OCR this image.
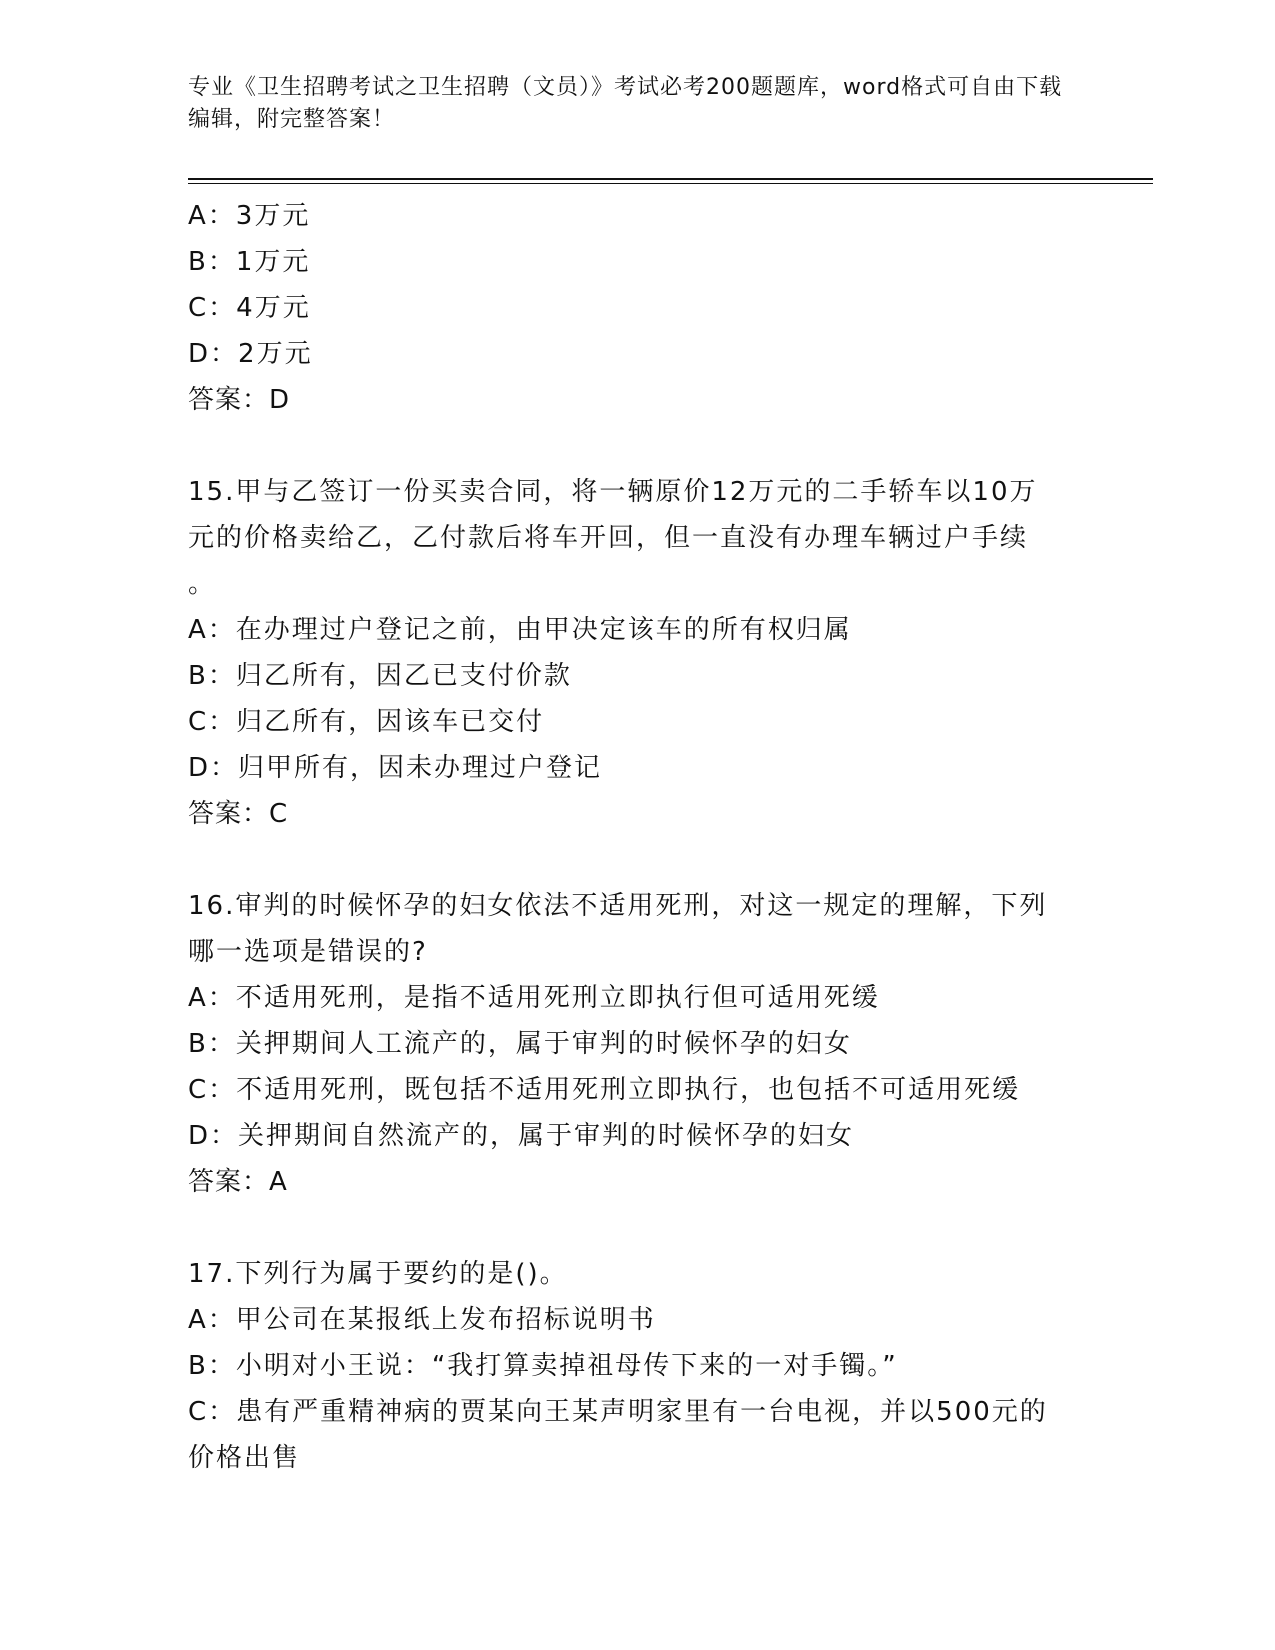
专业《卫生招聘考试之卫生招聘（文员）》考试必考200题题库，word格式可自由下载编辑，附完整答案！
A：3万元
B：1万元
C：4万元
D：2万元
答案：D
15.甲与乙签订一份买卖合同，将一辆原价12万元的二手轿车以10万
元的价格卖给乙，乙付款后将车开回，但一直没有办理车辆过户手续
。
A：在办理过户登记之前，由甲决定该车的所有权归属
B：归乙所有，因乙已支付价款
C：归乙所有，因该车已交付
D：归甲所有，因未办理过户登记
答案：C
16.审判的时候怀孕的妇女依法不适用死刑，对这一规定的理解，下列
哪一选项是错误的?
A：不适用死刑，是指不适用死刑立即执行但可适用死缓
B：关押期间人工流产的，属于审判的时候怀孕的妇女
C：不适用死刑，既包括不适用死刑立即执行，也包括不可适用死缓
D：关押期间自然流产的，属于审判的时候怀孕的妇女
答案：A
17.下列行为属于要约的是()。
A：甲公司在某报纸上发布招标说明书
B：小明对小王说：“我打算卖掉祖母传下来的一对手镯。”
C：患有严重精神病的贾某向王某声明家里有一台电视，并以500元的
价格出售
